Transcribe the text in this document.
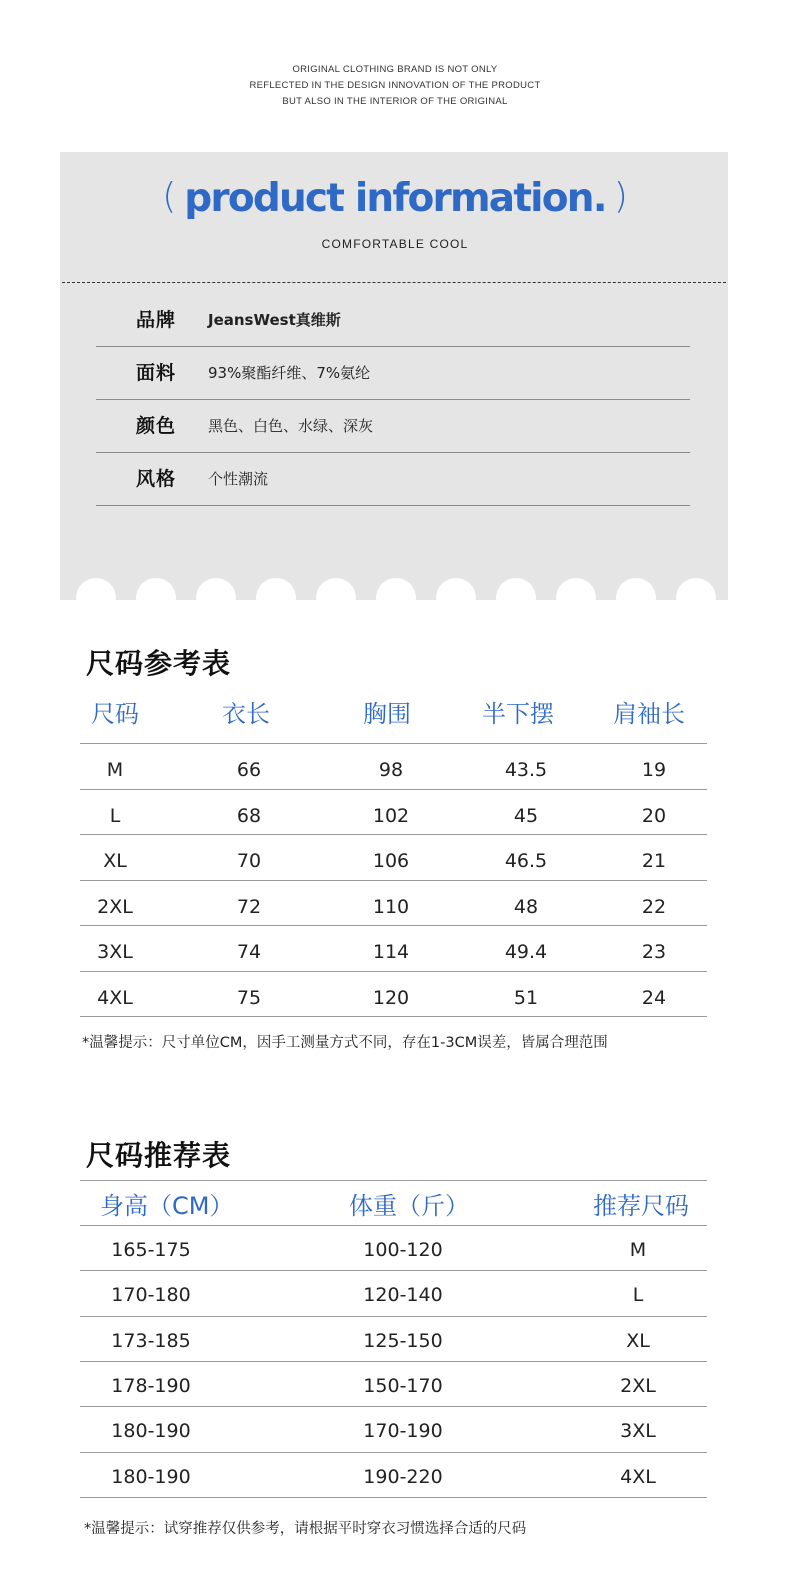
ORIGINAL CLOTHING BRAND IS NOT ONLY
REFLECTED IN THE DESIGN INNOVATION OF THE PRODUCT
BUT ALSO IN THE INTERIOR OF THE ORIGINAL
( product information. )
COMFORTABLE COOL
品牌 JeansWest真维斯
面料 93%聚酯纤维、7%氨纶
颜色 黑色、白色、水绿、深灰
风格 个性潮流
尺码参考表
尺码	衣长	胸围	半下摆 肩袖长
M	66	98	43.5	19
L	68	102	45	20
XL	70	106	46.5	21
2XL	72	110	48	22
3XL	74	114	49.4	23
4XL	75	120	51	24
*温馨提示：尺寸单位CM，因手工测量方式不同，存在1-3CM误差，皆属合理范围
尺码推荐表
身高（CM）	体重（斤）	推荐尺码
165-175	100-120	M
170-180	120-140	L
173-185	125-150	XL
178-190	150-170	2XL
180-190	170-190	3XL
180-190	190-220	4XL
*温馨提示：试穿推荐仅供参考，请根据平时穿衣习惯选择合适的尺码
